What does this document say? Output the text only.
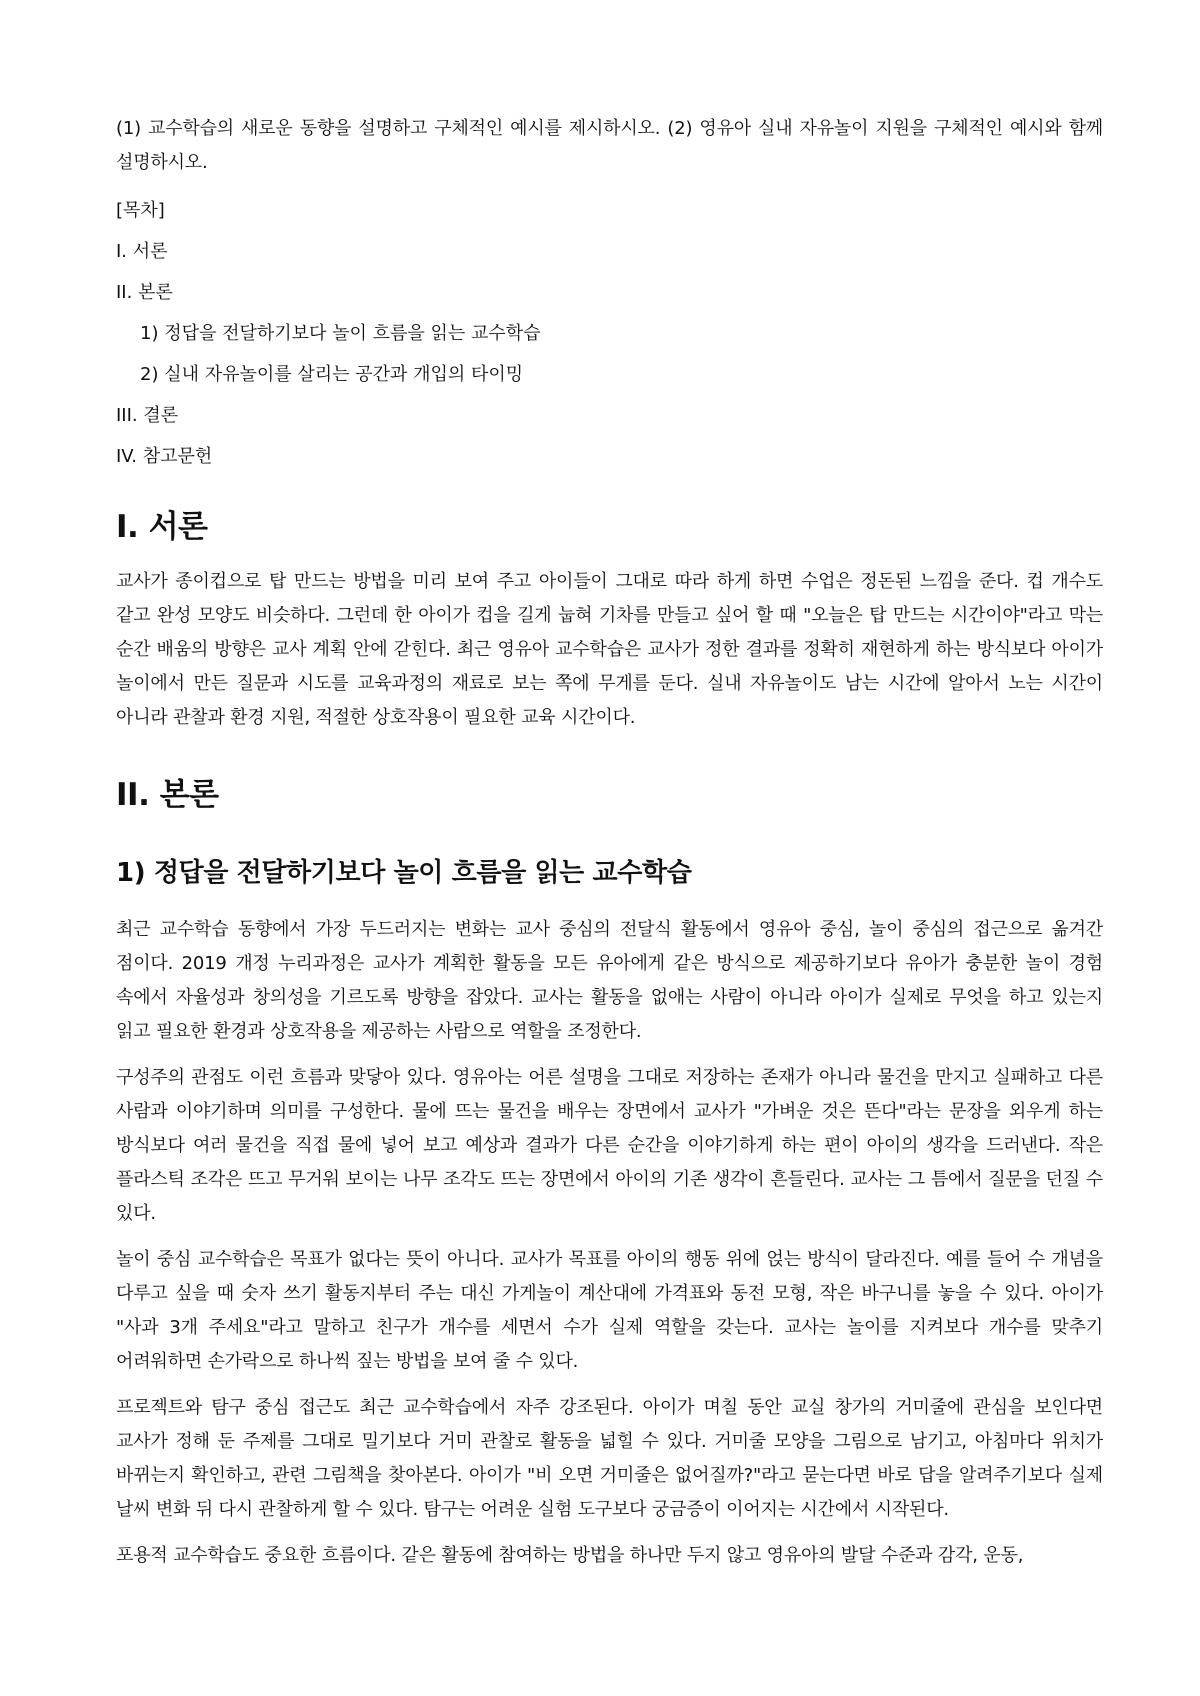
(1) 교수학습의 새로운 동향을 설명하고 구체적인 예시를 제시하시오. (2) 영유아 실내 자유놀이 지원을 구체적인 예시와 함께 설명하시오.

[목차]

I. 서론

II. 본론

1) 정답을 전달하기보다 놀이 흐름을 읽는 교수학습

2) 실내 자유놀이를 살리는 공간과 개입의 타이밍

III. 결론

IV. 참고문헌

I. 서론

교사가 종이컵으로 탑 만드는 방법을 미리 보여 주고 아이들이 그대로 따라 하게 하면 수업은 정돈된 느낌을 준다. 컵 개수도 같고 완성 모양도 비슷하다. 그런데 한 아이가 컵을 길게 눕혀 기차를 만들고 싶어 할 때 "오늘은 탑 만드는 시간이야"라고 막는 순간 배움의 방향은 교사 계획 안에 갇힌다. 최근 영유아 교수학습은 교사가 정한 결과를 정확히 재현하게 하는 방식보다 아이가 놀이에서 만든 질문과 시도를 교육과정의 재료로 보는 쪽에 무게를 둔다. 실내 자유놀이도 남는 시간에 알아서 노는 시간이 아니라 관찰과 환경 지원, 적절한 상호작용이 필요한 교육 시간이다.

II. 본론
1) 정답을 전달하기보다 놀이 흐름을 읽는 교수학습

최근 교수학습 동향에서 가장 두드러지는 변화는 교사 중심의 전달식 활동에서 영유아 중심, 놀이 중심의 접근으로 옮겨간 점이다. 2019 개정 누리과정은 교사가 계획한 활동을 모든 유아에게 같은 방식으로 제공하기보다 유아가 충분한 놀이 경험 속에서 자율성과 창의성을 기르도록 방향을 잡았다. 교사는 활동을 없애는 사람이 아니라 아이가 실제로 무엇을 하고 있는지 읽고 필요한 환경과 상호작용을 제공하는 사람으로 역할을 조정한다.

구성주의 관점도 이런 흐름과 맞닿아 있다. 영유아는 어른 설명을 그대로 저장하는 존재가 아니라 물건을 만지고 실패하고 다른 사람과 이야기하며 의미를 구성한다. 물에 뜨는 물건을 배우는 장면에서 교사가 "가벼운 것은 뜬다"라는 문장을 외우게 하는 방식보다 여러 물건을 직접 물에 넣어 보고 예상과 결과가 다른 순간을 이야기하게 하는 편이 아이의 생각을 드러낸다. 작은 플라스틱 조각은 뜨고 무거워 보이는 나무 조각도 뜨는 장면에서 아이의 기존 생각이 흔들린다. 교사는 그 틈에서 질문을 던질 수 있다.

놀이 중심 교수학습은 목표가 없다는 뜻이 아니다. 교사가 목표를 아이의 행동 위에 얹는 방식이 달라진다. 예를 들어 수 개념을 다루고 싶을 때 숫자 쓰기 활동지부터 주는 대신 가게놀이 계산대에 가격표와 동전 모형, 작은 바구니를 놓을 수 있다. 아이가 "사과 3개 주세요"라고 말하고 친구가 개수를 세면서 수가 실제 역할을 갖는다. 교사는 놀이를 지켜보다 개수를 맞추기 어려워하면 손가락으로 하나씩 짚는 방법을 보여 줄 수 있다.

프로젝트와 탐구 중심 접근도 최근 교수학습에서 자주 강조된다. 아이가 며칠 동안 교실 창가의 거미줄에 관심을 보인다면 교사가 정해 둔 주제를 그대로 밀기보다 거미 관찰로 활동을 넓힐 수 있다. 거미줄 모양을 그림으로 남기고, 아침마다 위치가 바뀌는지 확인하고, 관련 그림책을 찾아본다. 아이가 "비 오면 거미줄은 없어질까?"라고 묻는다면 바로 답을 알려주기보다 실제 날씨 변화 뒤 다시 관찰하게 할 수 있다. 탐구는 어려운 실험 도구보다 궁금증이 이어지는 시간에서 시작된다.

포용적 교수학습도 중요한 흐름이다. 같은 활동에 참여하는 방법을 하나만 두지 않고 영유아의 발달 수준과 감각, 운동,
